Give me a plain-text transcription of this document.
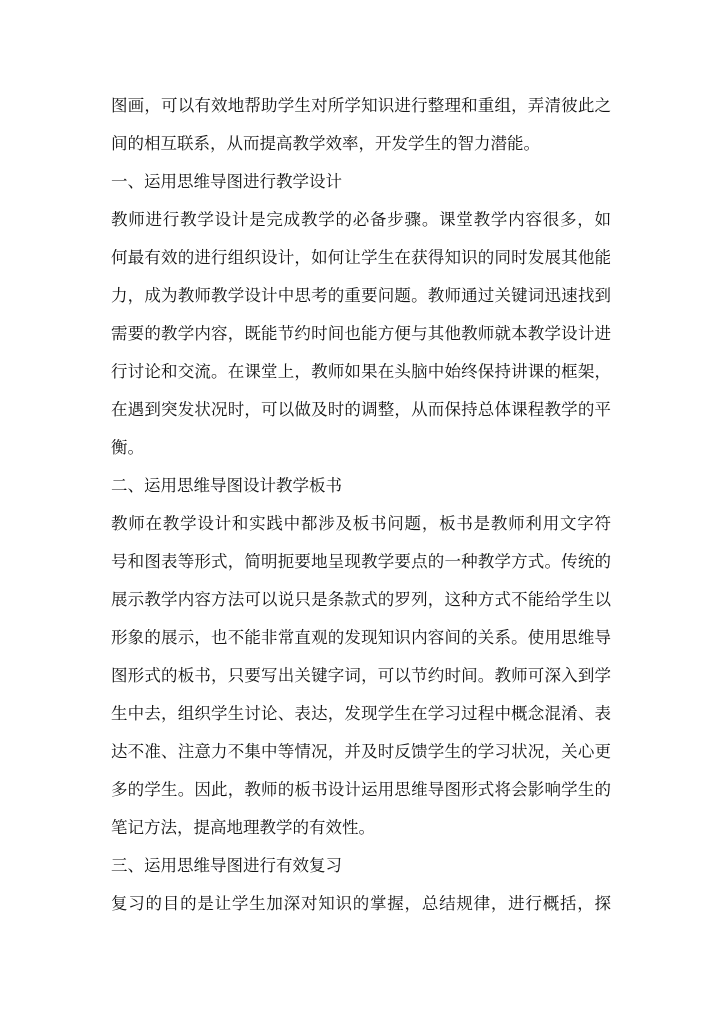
图画，可以有效地帮助学生对所学知识进行整理和重组，弄清彼此之
间的相互联系，从而提高教学效率，开发学生的智力潜能。
一、运用思维导图进行教学设计
教师进行教学设计是完成教学的必备步骤。课堂教学内容很多，如
何最有效的进行组织设计，如何让学生在获得知识的同时发展其他能
力，成为教师教学设计中思考的重要问题。教师通过关键词迅速找到
需要的教学内容，既能节约时间也能方便与其他教师就本教学设计进
行讨论和交流。在课堂上，教师如果在头脑中始终保持讲课的框架，
在遇到突发状况时，可以做及时的调整，从而保持总体课程教学的平
衡。
二、运用思维导图设计教学板书
教师在教学设计和实践中都涉及板书问题，板书是教师利用文字符
号和图表等形式，简明扼要地呈现教学要点的一种教学方式。传统的
展示教学内容方法可以说只是条款式的罗列，这种方式不能给学生以
形象的展示，也不能非常直观的发现知识内容间的关系。使用思维导
图形式的板书，只要写出关键字词，可以节约时间。教师可深入到学
生中去，组织学生讨论、表达，发现学生在学习过程中概念混淆、表
达不准、注意力不集中等情况，并及时反馈学生的学习状况，关心更
多的学生。因此，教师的板书设计运用思维导图形式将会影响学生的
笔记方法，提高地理教学的有效性。
三、运用思维导图进行有效复习
复习的目的是让学生加深对知识的掌握，总结规律，进行概括，探
